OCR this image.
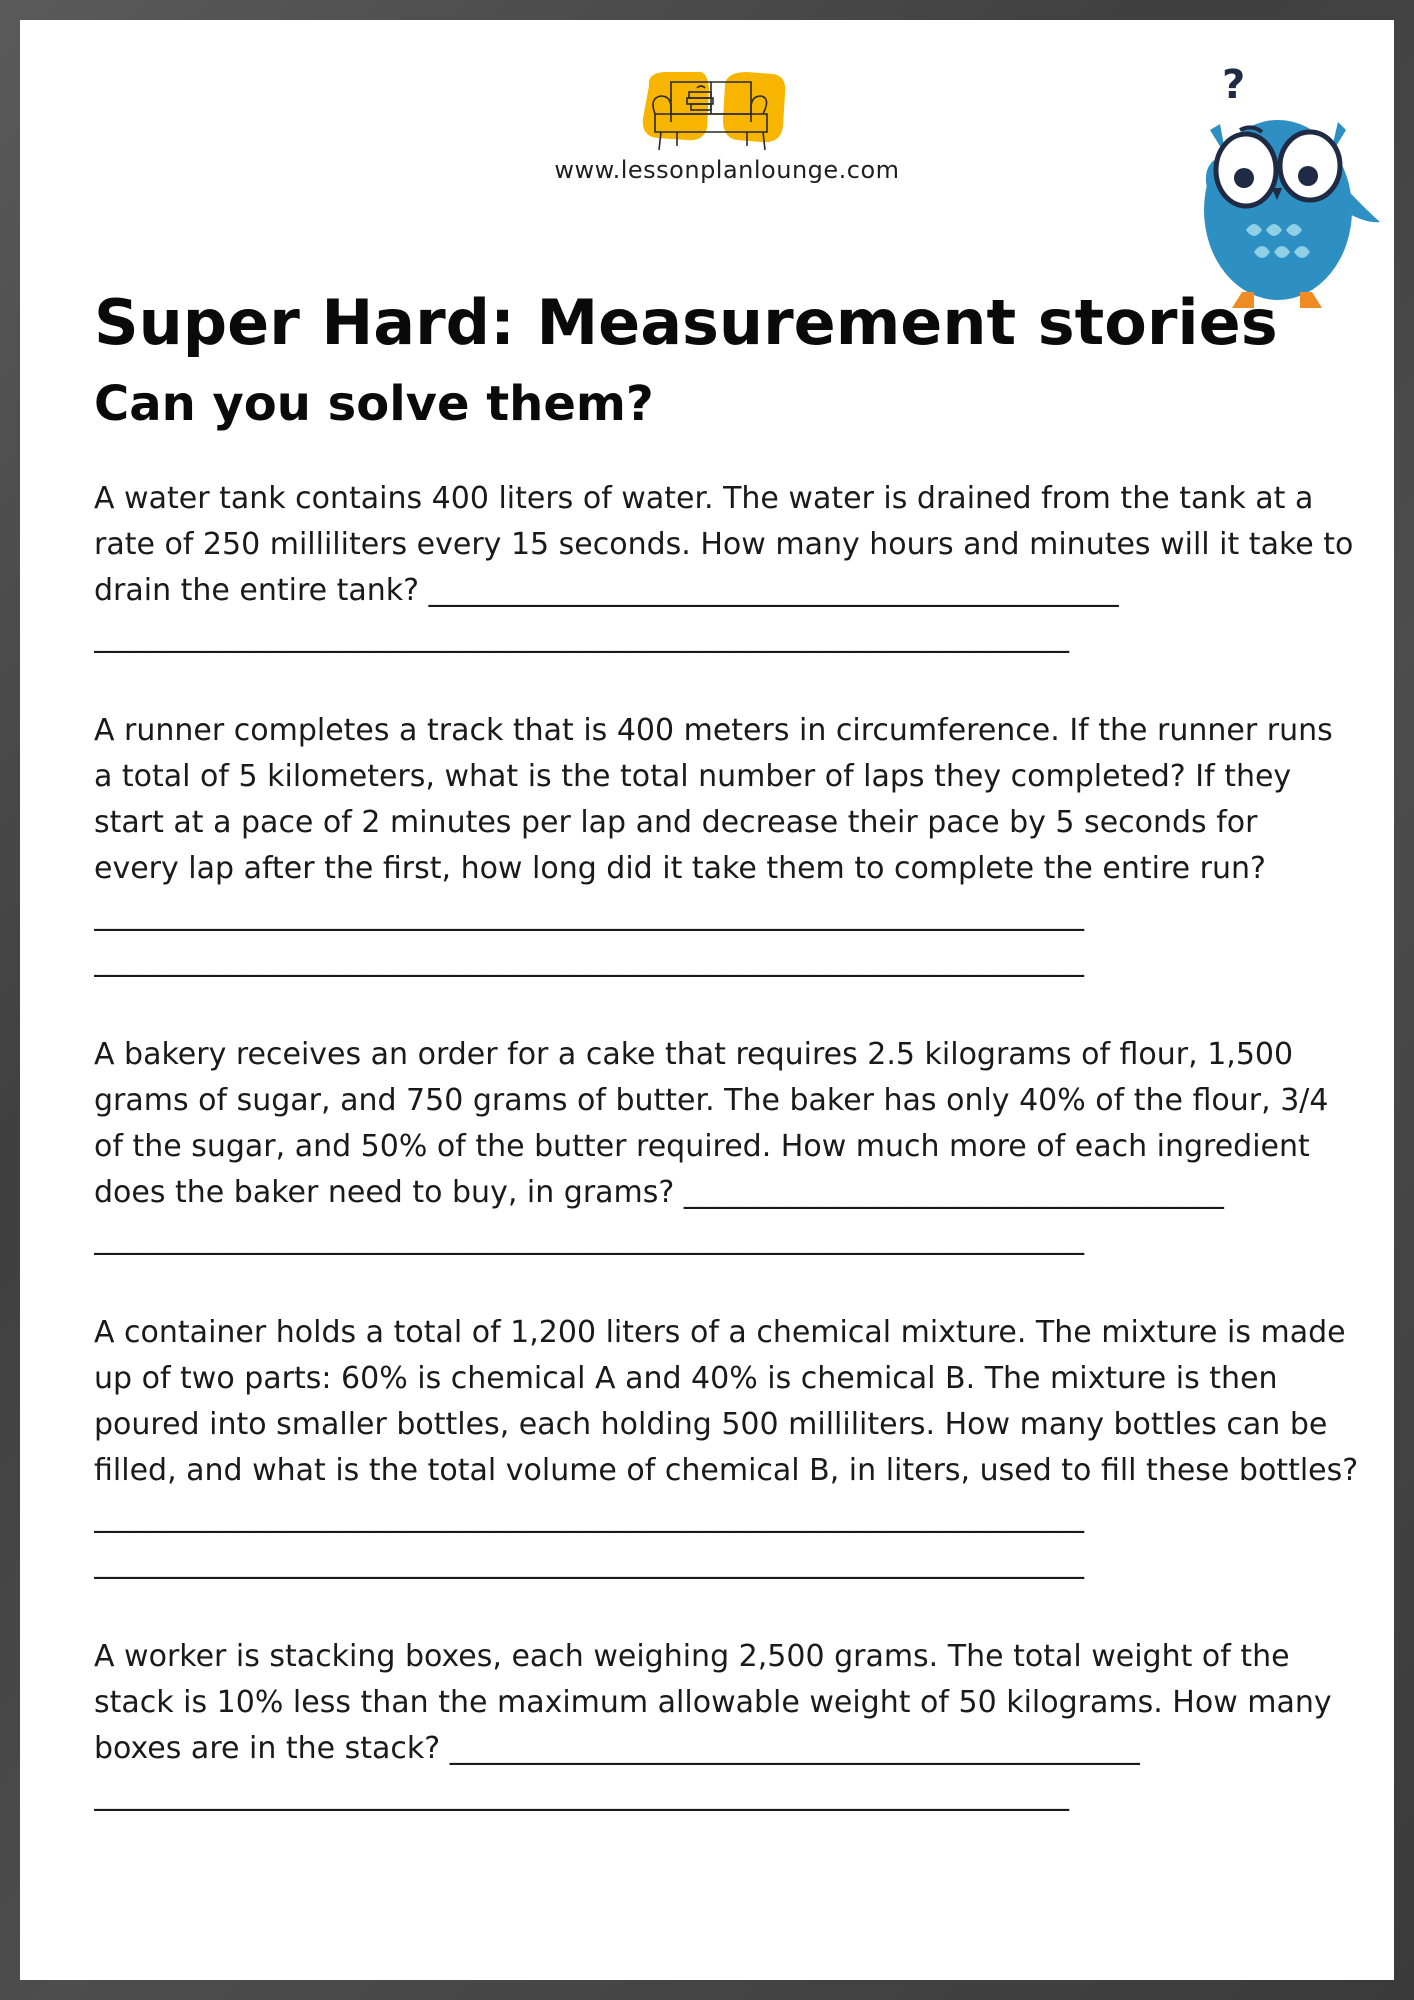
www.lessonplanlounge.com
?
Super Hard: Measurement stories
Can you solve them?
A water tank contains 400 liters of water. The water is drained from the tank at a
rate of 250 milliliters every 15 seconds. How many hours and minutes will it take to
drain the entire tank? ______________________________________________
_________________________________________________________________
A runner completes a track that is 400 meters in circumference. If the runner runs
a total of 5 kilometers, what is the total number of laps they completed? If they
start at a pace of 2 minutes per lap and decrease their pace by 5 seconds for
every lap after the first, how long did it take them to complete the entire run?
__________________________________________________________________
__________________________________________________________________
A bakery receives an order for a cake that requires 2.5 kilograms of flour, 1,500
grams of sugar, and 750 grams of butter. The baker has only 40% of the flour, 3/4
of the sugar, and 50% of the butter required. How much more of each ingredient
does the baker need to buy, in grams? ____________________________________
__________________________________________________________________
A container holds a total of 1,200 liters of a chemical mixture. The mixture is made
up of two parts: 60% is chemical A and 40% is chemical B. The mixture is then
poured into smaller bottles, each holding 500 milliliters. How many bottles can be
filled, and what is the total volume of chemical B, in liters, used to fill these bottles?
__________________________________________________________________
__________________________________________________________________
A worker is stacking boxes, each weighing 2,500 grams. The total weight of the
stack is 10% less than the maximum allowable weight of 50 kilograms. How many
boxes are in the stack? ______________________________________________
_________________________________________________________________
